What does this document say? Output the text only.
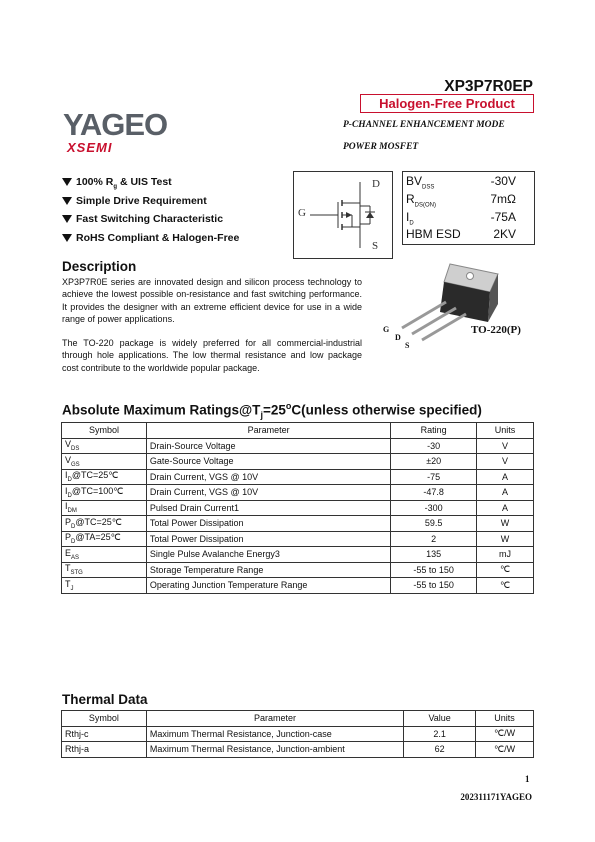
XP3P7R0EP
Halogen-Free Product
YAGEO
XSEMI
P-CHANNEL ENHANCEMENT MODE
POWER MOSFET
100% $R_g$ & UIS Test
Simple Drive Requirement
Fast Switching Characteristic
RoHS Compliant & Halogen-Free
D
G
S
$BV_{DSS}$	-30V
$R_{DS(ON)}$	7mΩ
$I_D$	-75A
HBM ESD	2KV
Description

XP3P7R0E series are innovated design and silicon process technology to achieve the lowest possible on-resistance and fast switching performance. It provides the designer with an extreme efficient device for use in a wide range of power applications.

The TO-220 package is widely preferred for all commercial-industrial through hole applications. The low thermal resistance and low package cost contribute to the worldwide popular package.

G
D
S
TO-220(P)
Absolute Maximum $Ratings@T_j=25^oC(unless$ otherwise specified)
Symbol	Parameter	Rating	Units
$V_{DS}$	Drain-Source Voltage	-30	V
$V_{GS}$	Gate-Source Voltage	±20	V
$I_D@TC=25℃$	Drain Current, VGS @ 10V	-75	A
$I_D@TC=100℃$	Drain Current, VGS @ 10V	-47.8	A
$I_{DM}$	Pulsed Drain Current1	-300	A
$P_D@TC=25℃$	Total Power Dissipation	59.5	W
$P_D@TA=25℃$	Total Power Dissipation	2	W
$E_{AS}$	Single Pulse Avalanche Energy3	135	mJ
$T_{STG}$	Storage Temperature Range	-55 to 150	℃
$T_J$	Operating Junction Temperature Range	-55 to 150	℃
Thermal Data
Symbol	Parameter	Value	Units
Rthj-c	Maximum Thermal Resistance, Junction-case	2.1	℃/W
Rthj-a	Maximum Thermal Resistance, Junction-ambient	62	℃/W
1
202311171YAGEO
